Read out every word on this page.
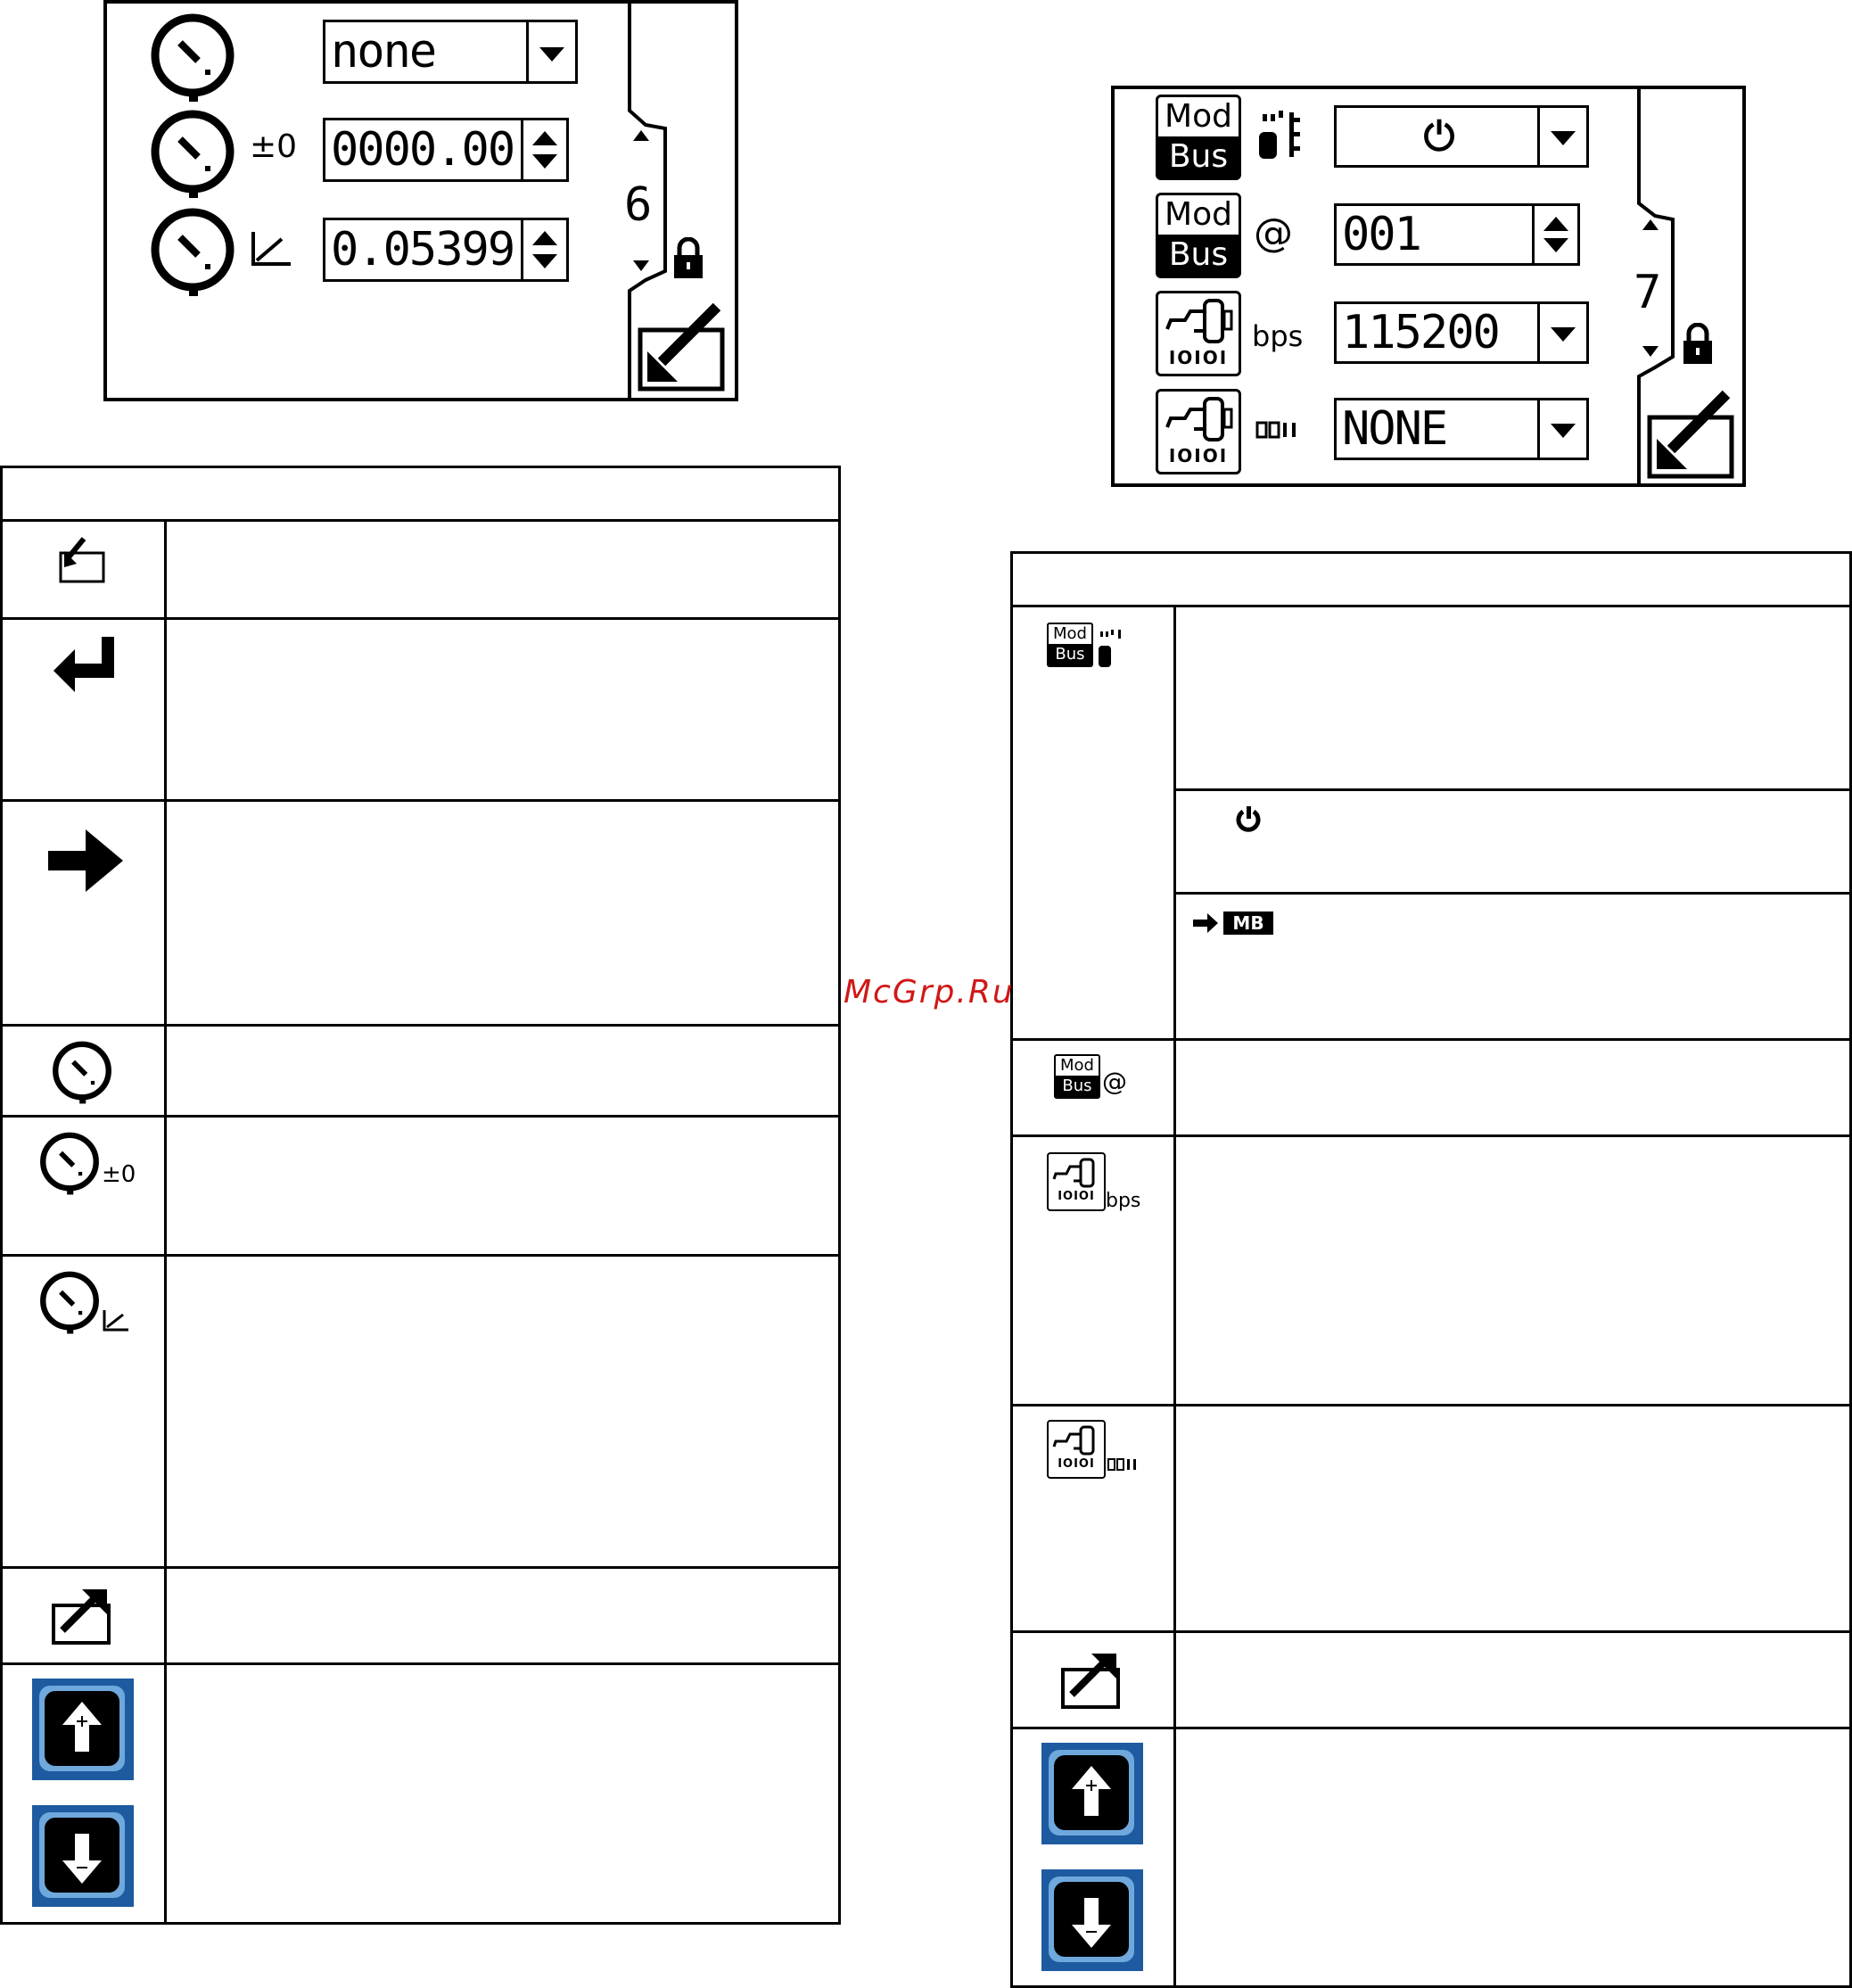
none
±0 0000.00
0.05399
6
Mod
Bus	⏻
Mod
Bus @ 001
IOIOI
bps 115200
IOIOI NONE
7
±0
Mod
Bus
MB
Mod
Bus @
IOIOI bps
IOIOI
McGrp.Ru
